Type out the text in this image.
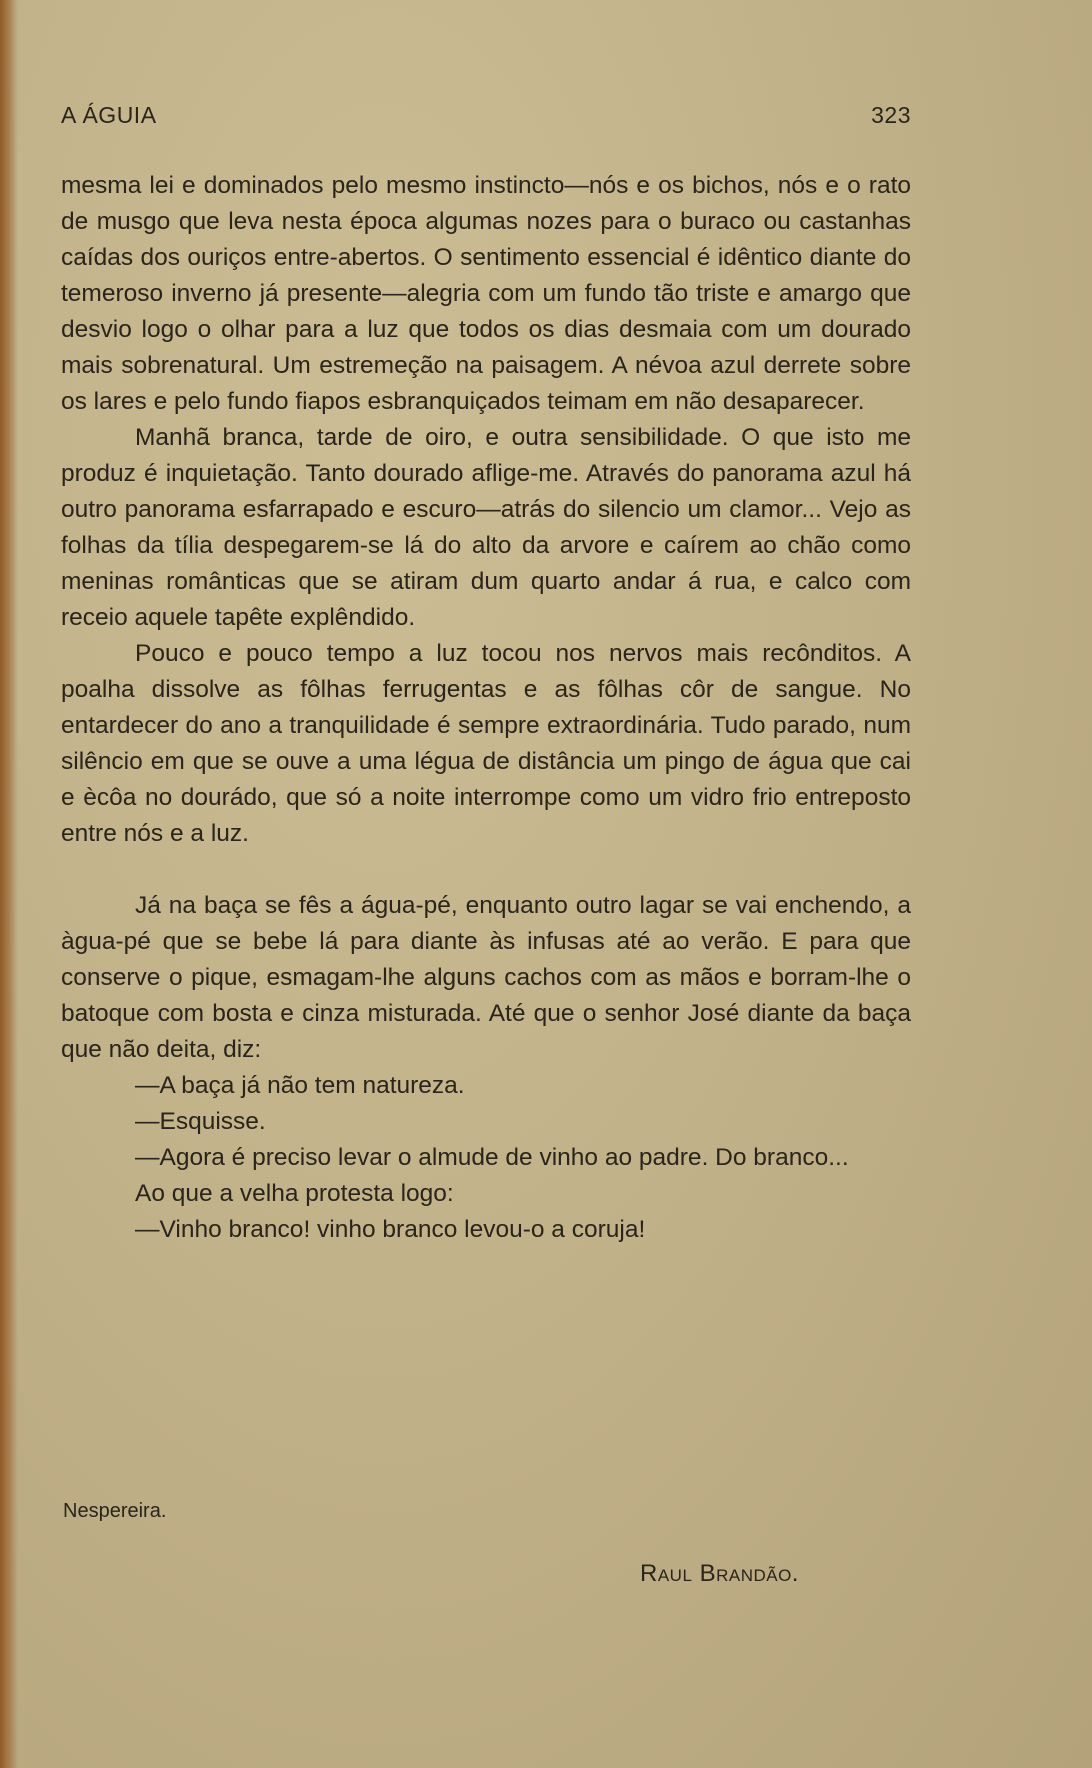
A ÁGUIA	323

mesma lei e dominados pelo mesmo instincto—nós e os bichos, nós e o rato de musgo que leva nesta época algumas nozes para o buraco ou castanhas caídas dos ouriços entre-abertos. O sentimento essencial é idêntico diante do temeroso inverno já presente—alegria com um fundo tão triste e amargo que desvio logo o olhar para a luz que todos os dias desmaia com um dourado mais sobrenatural. Um estremeção na paisagem. A névoa azul derrete sobre os lares e pelo fundo fiapos esbranquiçados teimam em não desaparecer.

Manhã branca, tarde de oiro, e outra sensibilidade. O que isto me produz é inquietação. Tanto dourado aflige-me. Através do panorama azul há outro panorama esfarrapado e escuro—atrás do silencio um clamor... Vejo as folhas da tília despegarem-se lá do alto da arvore e caírem ao chão como meninas românticas que se atiram dum quarto andar á rua, e calco com receio aquele tapête explêndido.

Pouco e pouco tempo a luz tocou nos nervos mais recônditos. A poalha dissolve as fôlhas ferrugentas e as fôlhas côr de sangue. No entardecer do ano a tranquilidade é sempre extraordinária. Tudo parado, num silêncio em que se ouve a uma légua de distância um pingo de água que cai e ècôa no dourádo, que só a noite interrompe como um vidro frio entreposto entre nós e a luz.

Já na baça se fês a água-pé, enquanto outro lagar se vai enchendo, a àgua-pé que se bebe lá para diante às infusas até ao verão. E para que conserve o pique, esmagam-lhe alguns cachos com as mãos e borram-lhe o batoque com bosta e cinza misturada. Até que o senhor José diante da baça que não deita, diz:

—A baça já não tem natureza.

—Esquisse.

—Agora é preciso levar o almude de vinho ao padre. Do branco...

Ao que a velha protesta logo:

—Vinho branco! vinho branco levou-o a coruja!

Nespereira.
Raul Brandão.
